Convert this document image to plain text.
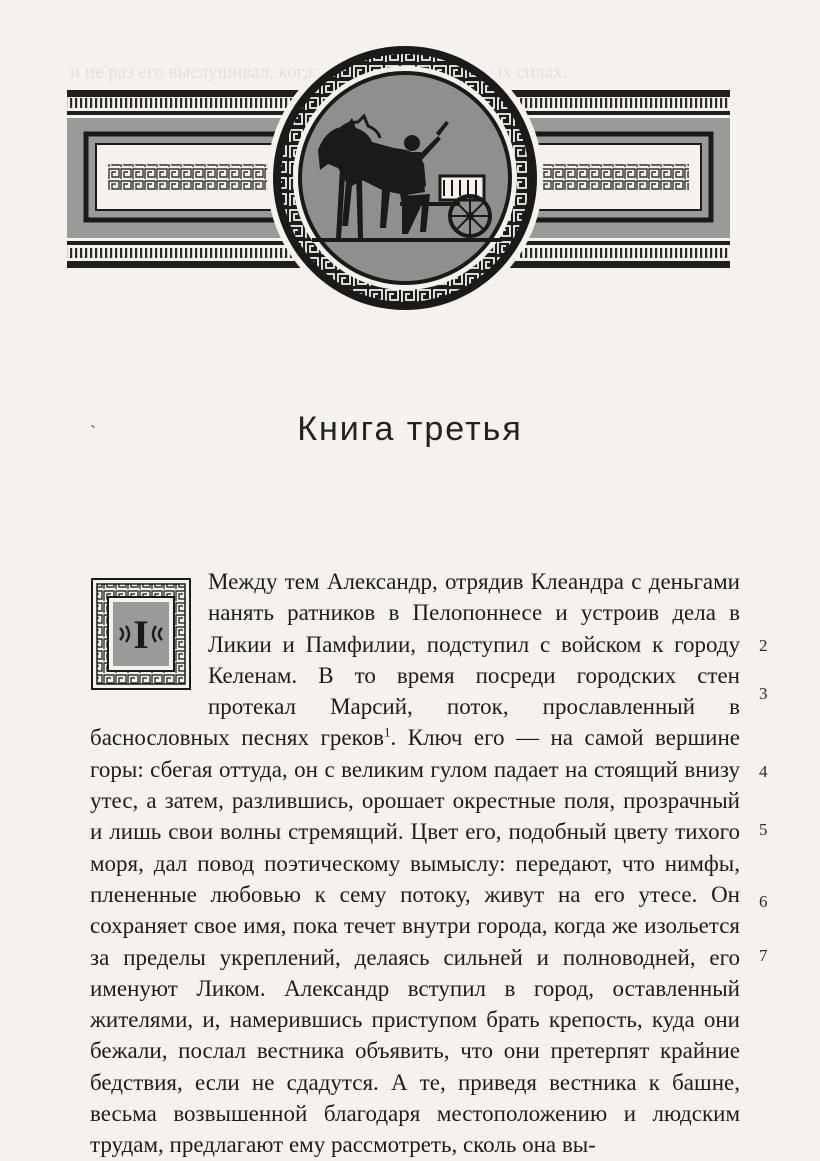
и не раз его выслушивал, когда силах.

ˎ	Книга третья
I
Между тем Александр, отрядив Клеандра с деньгами нанять ратников в Пелопоннесе и устроив дела в Ликии и Памфилии, подступил с войском к городу Келенам. В то время посреди городских стен протекал Марсий, поток, прославленный в баснословных песнях греков$^1$. Ключ его — на самой вершине горы: сбегая оттуда, он с великим гулом падает на стоящий внизу утес, а затем, разлившись, орошает окрестные поля, прозрачный и лишь свои волны стремящий. Цвет его, подобный цвету тихого моря, дал повод поэтическому вымыслу: передают, что нимфы, плененные любовью к сему потоку, живут на его утесе. Он сохраняет свое имя, пока течет внутри города, когда же изольется за пределы укреплений, делаясь сильней и полноводней, его именуют Ликом. Александр вступил в город, оставленный жителями, и, намерившись приступом брать крепость, куда они бежали, послал вестника объявить, что они претерпят крайние бедствия, если не сдадутся. А те, приведя вестника к башне, весьма возвышенной благодаря местоположению и людским трудам, предлагают ему рассмотреть, сколь она вы-
2
3
4
5
6
7
